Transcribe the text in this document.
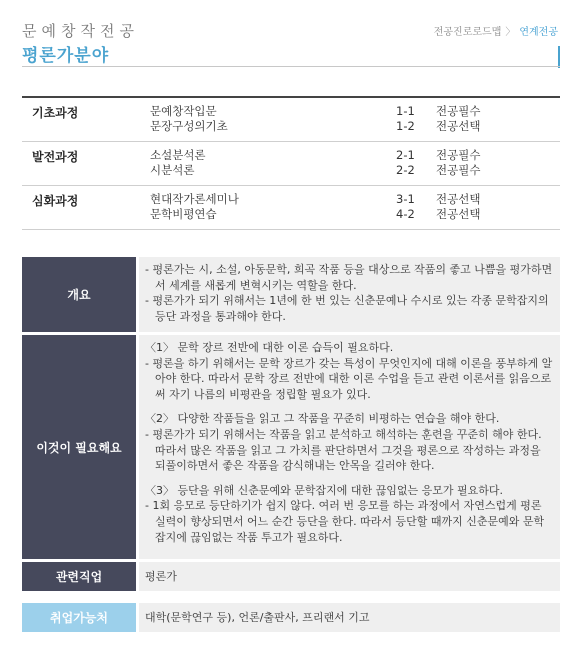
문예창작전공
평론가분야
전공진로로드맵 〉 연계전공
기초과정	문예창작입문	1-1	전공필수
문장구성의기초	1-2	전공선택
발전과정	소설분석론	2-1	전공필수
시분석론	2-2	전공필수
심화과정	현대작가론세미나	3-1	전공선택
문학비평연습	4-2	전공선택
개요
- 평론가는 시, 소설, 아동문학, 희곡 작품 등을 대상으로 작품의 좋고 나쁨을 평가하면서 세계를 새롭게 변혁시키는 역할을 한다.
- 평론가가 되기 위해서는 1년에 한 번 있는 신춘문예나 수시로 있는 각종 문학잡지의 등단 과정을 통과해야 한다.
이것이 필요해요
〈1〉 문학 장르 전반에 대한 이론 습득이 필요하다.
- 평론을 하기 위해서는 문학 장르가 갖는 특성이 무엇인지에 대해 이론을 풍부하게 알아야 한다. 따라서 문학 장르 전반에 대한 이론 수업을 듣고 관련 이론서를 읽음으로써 자기 나름의 비평관을 정립할 필요가 있다.
〈2〉 다양한 작품들을 읽고 그 작품을 꾸준히 비평하는 연습을 해야 한다.
- 평론가가 되기 위해서는 작품을 읽고 분석하고 해석하는 훈련을 꾸준히 해야 한다. 따라서 많은 작품을 읽고 그 가치를 판단하면서 그것을 평론으로 작성하는 과정을 되풀이하면서 좋은 작품을 감식해내는 안목을 길러야 한다.
〈3〉 등단을 위해 신춘문예와 문학잡지에 대한 끊임없는 응모가 필요하다.
- 1회 응모로 등단하기가 쉽지 않다. 여러 번 응모를 하는 과정에서 자연스럽게 평론 실력이 향상되면서 어느 순간 등단을 한다. 따라서 등단할 때까지 신춘문예와 문학잡지에 끊임없는 작품 투고가 필요하다.
관련직업	평론가
취업가능처	대학(문학연구 등), 언론/출판사, 프리랜서 기고
